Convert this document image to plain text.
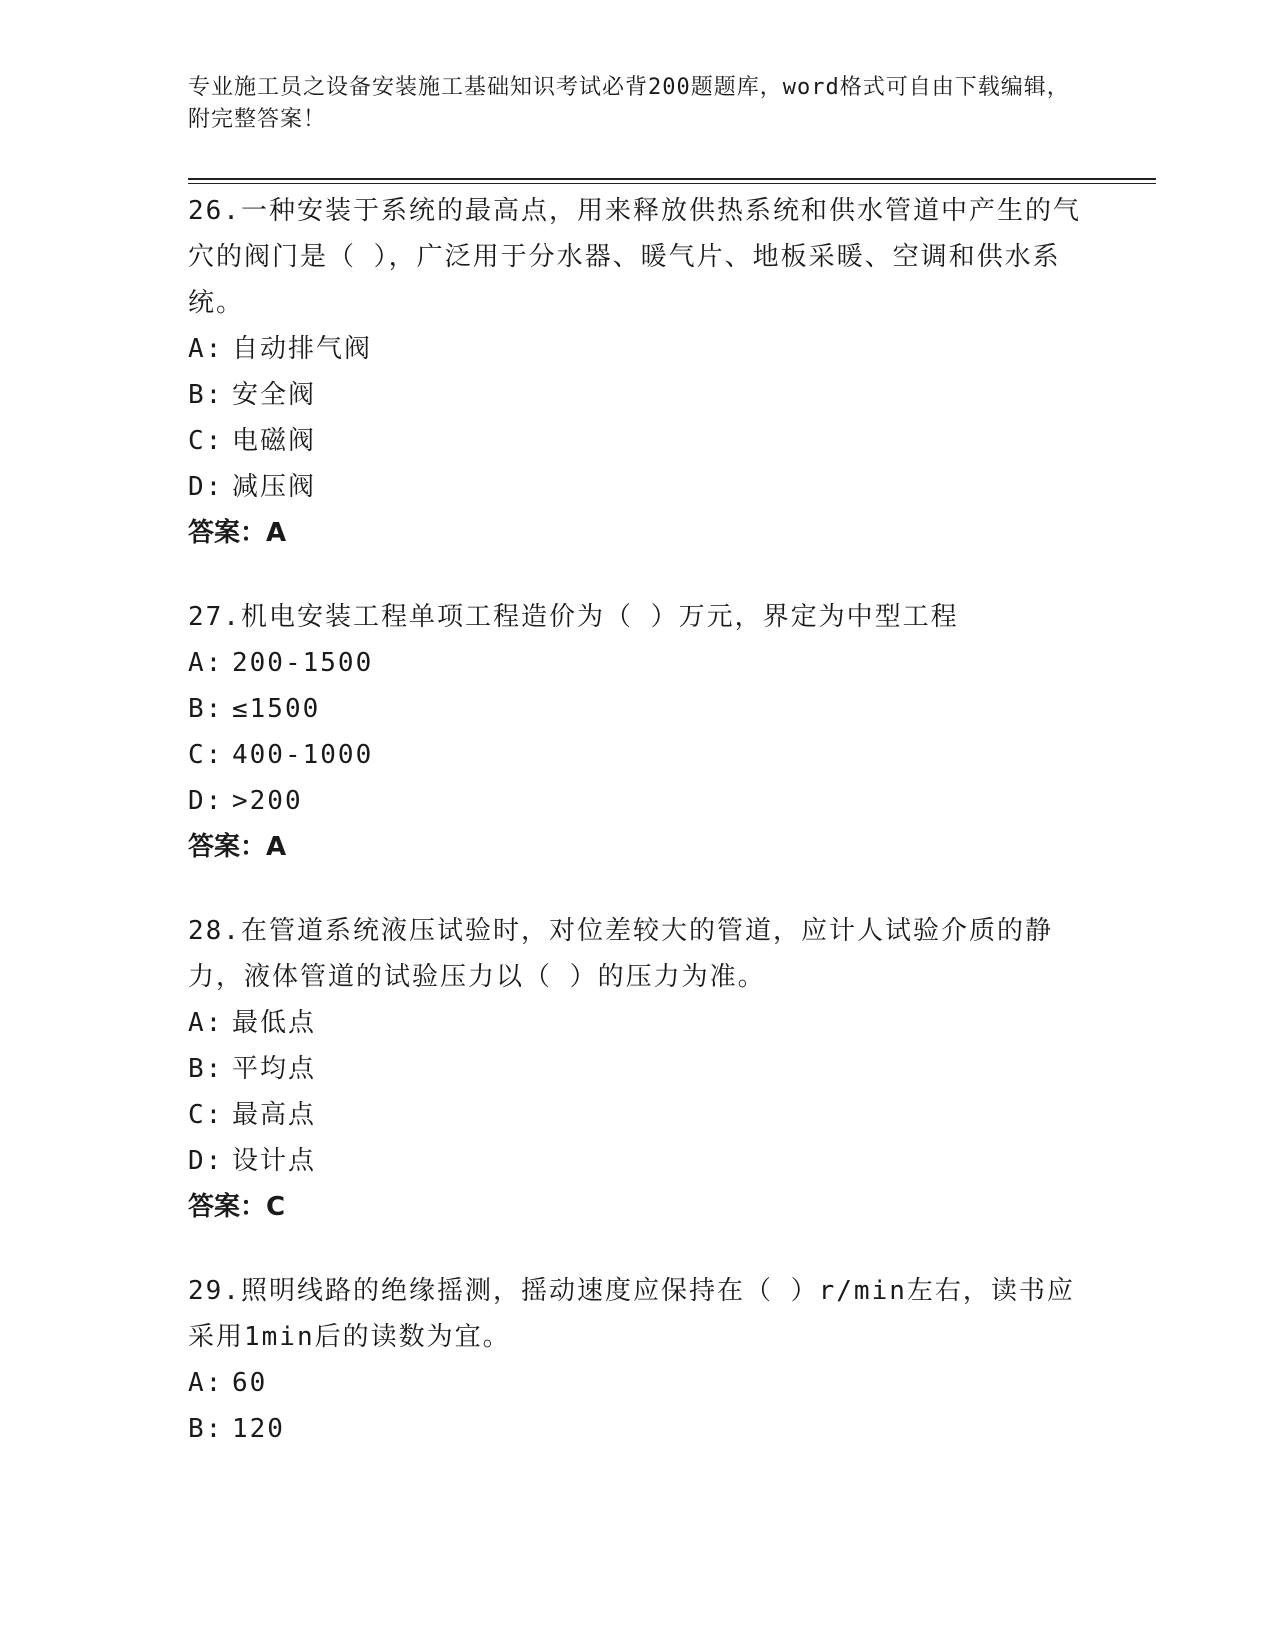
专业施工员之设备安装施工基础知识考试必背200题题库，word格式可自由下载编辑，附完整答案！

26.一种安装于系统的最高点，用来释放供热系统和供水管道中产生的气穴的阀门是（ ），广泛用于分水器、暖气片、地板采暖、空调和供水系统。

A: 自动排气阀

B: 安全阀

C: 电磁阀

D: 减压阀

答案：A

27.机电安装工程单项工程造价为（ ）万元，界定为中型工程

A: 200-1500

B: ≤1500

C: 400-1000

D: >200

答案：A

28.在管道系统液压试验时，对位差较大的管道，应计人试验介质的静力，液体管道的试验压力以（ ）的压力为准。

A: 最低点

B: 平均点

C: 最高点

D: 设计点

答案：C

29.照明线路的绝缘摇测，摇动速度应保持在（ ）r/min左右，读书应采用1min后的读数为宜。

A: 60

B: 120
